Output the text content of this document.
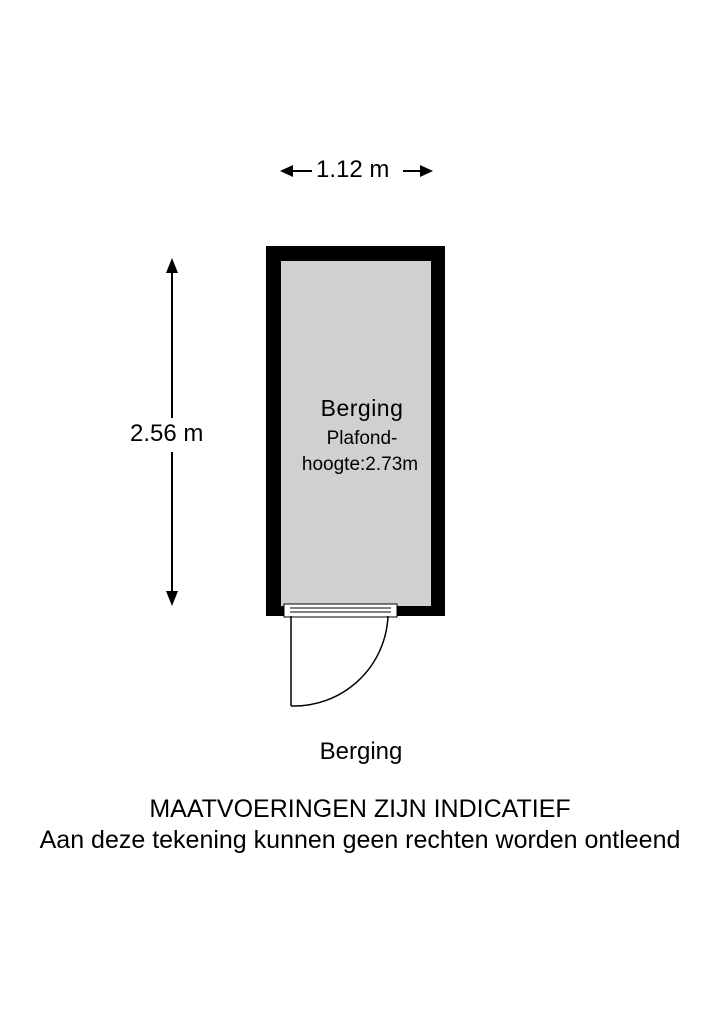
1.12 m
2.56 m
Berging
Plafond-
hoogte:2.73m
Berging
MAATVOERINGEN ZIJN INDICATIEF
Aan deze tekening kunnen geen rechten worden ontleend
